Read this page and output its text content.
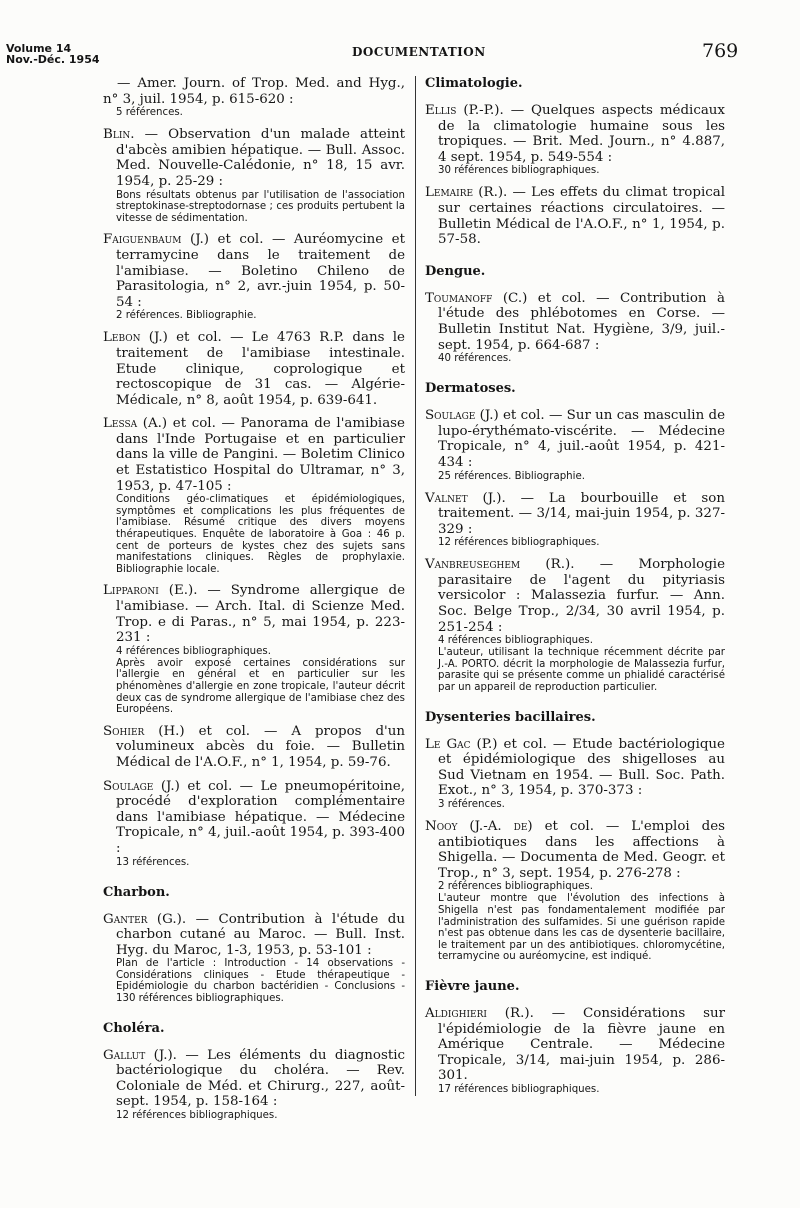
Volume 14
Nov.-Déc. 1954
DOCUMENTATION	769
— Amer. Journ. of Trop. Med. and Hyg., n° 3, juil. 1954, p. 615-620 :
5 références.
Blin. — Observation d'un malade atteint d'abcès amibien hépatique. — Bull. Assoc. Med. Nouvelle-Calédonie, n° 18, 15 avr. 1954, p. 25-29 :
Bons résultats obtenus par l'utilisation de l'association streptokinase-streptodornase ; ces produits pertubent la vitesse de sédimentation.
Faiguenbaum (J.) et col. — Auréomycine et terramycine dans le traitement de l'amibiase. — Boletino Chileno de Parasitologia, n° 2, avr.-juin 1954, p. 50-54 :
2 références. Bibliographie.
Lebon (J.) et col. — Le 4763 R.P. dans le traitement de l'amibiase intestinale. Etude clinique, coprologique et rectoscopique de 31 cas. — Algérie-Médicale, n° 8, août 1954, p. 639-641.
Lessa (A.) et col. — Panorama de l'amibiase dans l'Inde Portugaise et en particulier dans la ville de Pangini. — Boletim Clinico et Estatistico Hospital do Ultramar, n° 3, 1953, p. 47-105 :
Conditions géo-climatiques et épidémiologiques, symptômes et complications les plus fréquentes de l'amibiase. Résumé critique des divers moyens thérapeutiques. Enquête de laboratoire à Goa : 46 p. cent de porteurs de kystes chez des sujets sans manifestations cliniques. Règles de prophylaxie. Bibliographie locale.
Lipparoni (E.). — Syndrome allergique de l'amibiase. — Arch. Ital. di Scienze Med. Trop. e di Paras., n° 5, mai 1954, p. 223-231 :
4 références bibliographiques.
Après avoir exposé certaines considérations sur l'allergie en général et en particulier sur les phénomènes d'allergie en zone tropicale, l'auteur décrit deux cas de syndrome allergique de l'amibiase chez des Européens.
Sohier (H.) et col. — A propos d'un volumineux abcès du foie. — Bulletin Médical de l'A.O.F., n° 1, 1954, p. 59-76.
Soulage (J.) et col. — Le pneumopéritoine, procédé d'exploration complémentaire dans l'amibiase hépatique. — Médecine Tropicale, n° 4, juil.-août 1954, p. 393-400 :
13 références.
Charbon.
Ganter (G.). — Contribution à l'étude du charbon cutané au Maroc. — Bull. Inst. Hyg. du Maroc, 1-3, 1953, p. 53-101 :
Plan de l'article : Introduction - 14 observations - Considérations cliniques - Etude thérapeutique - Epidémiologie du charbon bactéridien - Conclusions - 130 références bibliographiques.
Choléra.
Gallut (J.). — Les éléments du diagnostic bactériologique du choléra. — Rev. Coloniale de Méd. et Chirurg., 227, août-sept. 1954, p. 158-164 :
12 références bibliographiques.
Climatologie.
Ellis (P.-P.). — Quelques aspects médicaux de la climatologie humaine sous les tropiques. — Brit. Med. Journ., n° 4.887, 4 sept. 1954, p. 549-554 :
30 références bibliographiques.
Lemaire (R.). — Les effets du climat tropical sur certaines réactions circulatoires. — Bulletin Médical de l'A.O.F., n° 1, 1954, p. 57-58.
Dengue.
Toumanoff (C.) et col. — Contribution à l'étude des phlébotomes en Corse. — Bulletin Institut Nat. Hygiène, 3/9, juil.-sept. 1954, p. 664-687 :
40 références.
Dermatoses.
Soulage (J.) et col. — Sur un cas masculin de lupo-érythémato-viscérite. — Médecine Tropicale, n° 4, juil.-août 1954, p. 421-434 :
25 références. Bibliographie.
Valnet (J.). — La bourbouille et son traitement. — 3/14, mai-juin 1954, p. 327-329 :
12 références bibliographiques.
Vanbreuseghem (R.). — Morphologie parasitaire de l'agent du pityriasis versicolor : Malassezia furfur. — Ann. Soc. Belge Trop., 2/34, 30 avril 1954, p. 251-254 :
4 références bibliographiques.
L'auteur, utilisant la technique récemment décrite par J.-A. PORTO. décrit la morphologie de Malassezia furfur, parasite qui se présente comme un phialidé caractérisé par un appareil de reproduction particulier.
Dysenteries bacillaires.
Le Gac (P.) et col. — Etude bactériologique et épidémiologique des shigelloses au Sud Vietnam en 1954. — Bull. Soc. Path. Exot., n° 3, 1954, p. 370-373 :
3 références.
Nooy (J.-A. de) et col. — L'emploi des antibiotiques dans les affections à Shigella. — Documenta de Med. Geogr. et Trop., n° 3, sept. 1954, p. 276-278 :
2 références bibliographiques.
L'auteur montre que l'évolution des infections à Shigella n'est pas fondamentalement modifiée par l'administration des sulfamides. Si une guérison rapide n'est pas obtenue dans les cas de dysenterie bacillaire, le traitement par un des antibiotiques. chloromycétine, terramycine ou auréomycine, est indiqué.
Fièvre jaune.
Aldighieri (R.). — Considérations sur l'épidémiologie de la fièvre jaune en Amérique Centrale. — Médecine Tropicale, 3/14, mai-juin 1954, p. 286-301.
17 références bibliographiques.
